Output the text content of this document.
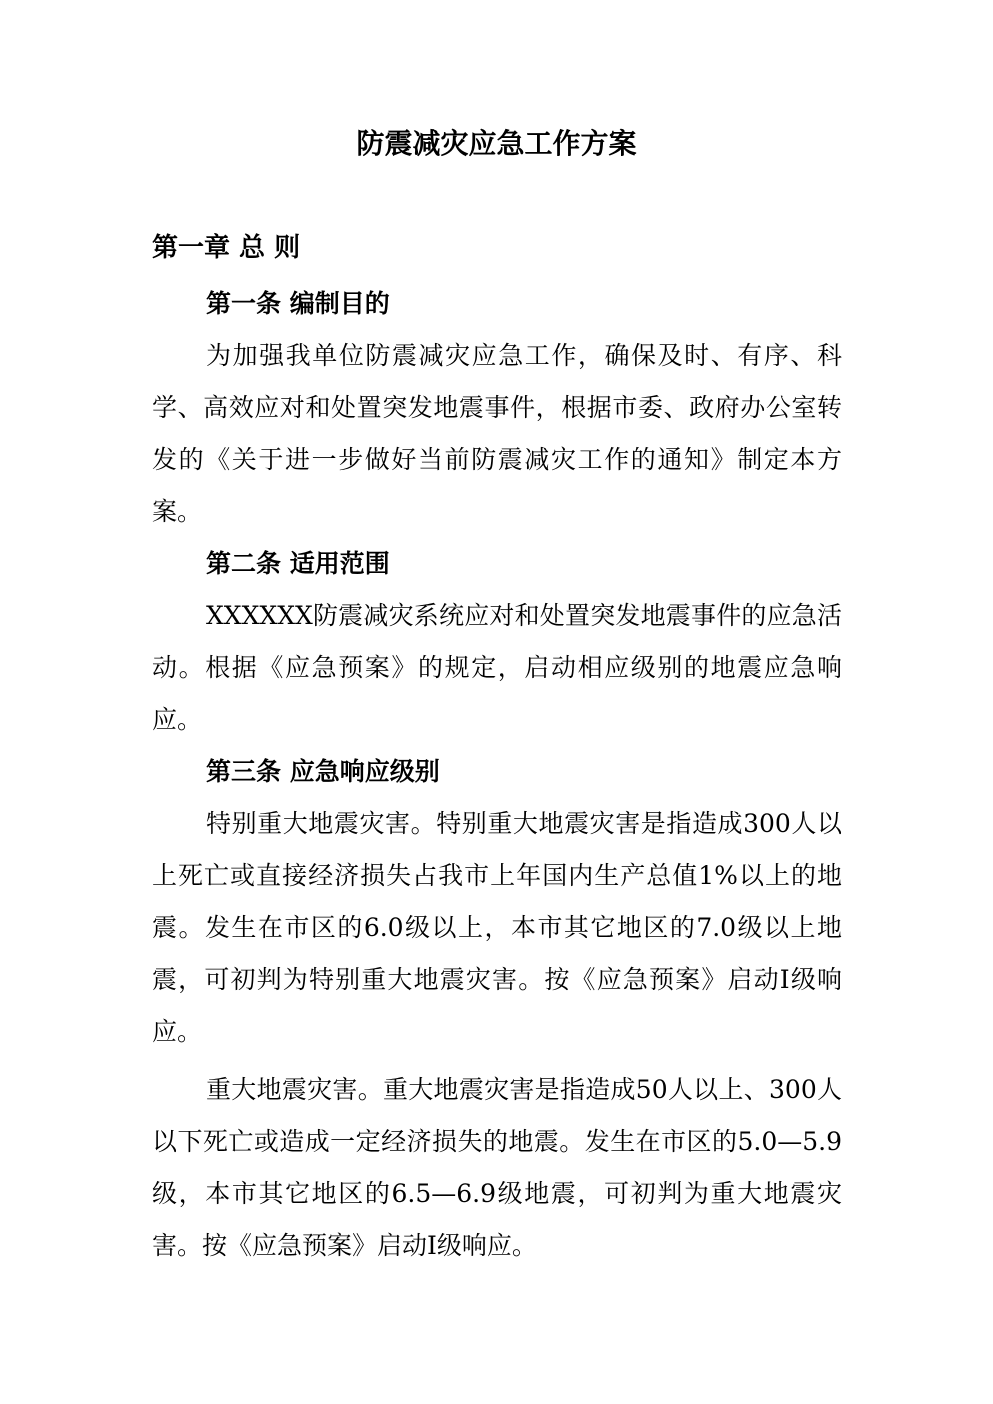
防震减灾应急工作方案
第一章 总 则
第一条 编制目的

为加强我单位防震减灾应急工作，确保及时、有序、科学、高效应对和处置突发地震事件，根据市委、政府办公室转发的《关于进一步做好当前防震减灾工作的通知》制定本方案。

第二条 适用范围

XXXXXX防震减灾系统应对和处置突发地震事件的应急活动。根据《应急预案》的规定，启动相应级别的地震应急响应。

第三条 应急响应级别

特别重大地震灾害。特别重大地震灾害是指造成300人以上死亡或直接经济损失占我市上年国内生产总值1%以上的地震。发生在市区的6.0级以上，本市其它地区的7.0级以上地震，可初判为特别重大地震灾害。按《应急预案》启动Ⅰ级响应。

重大地震灾害。重大地震灾害是指造成50人以上、300人以下死亡或造成一定经济损失的地震。发生在市区的5.0—5.9级，本市其它地区的6.5—6.9级地震，可初判为重大地震灾害。按《应急预案》启动Ⅰ级响应。
